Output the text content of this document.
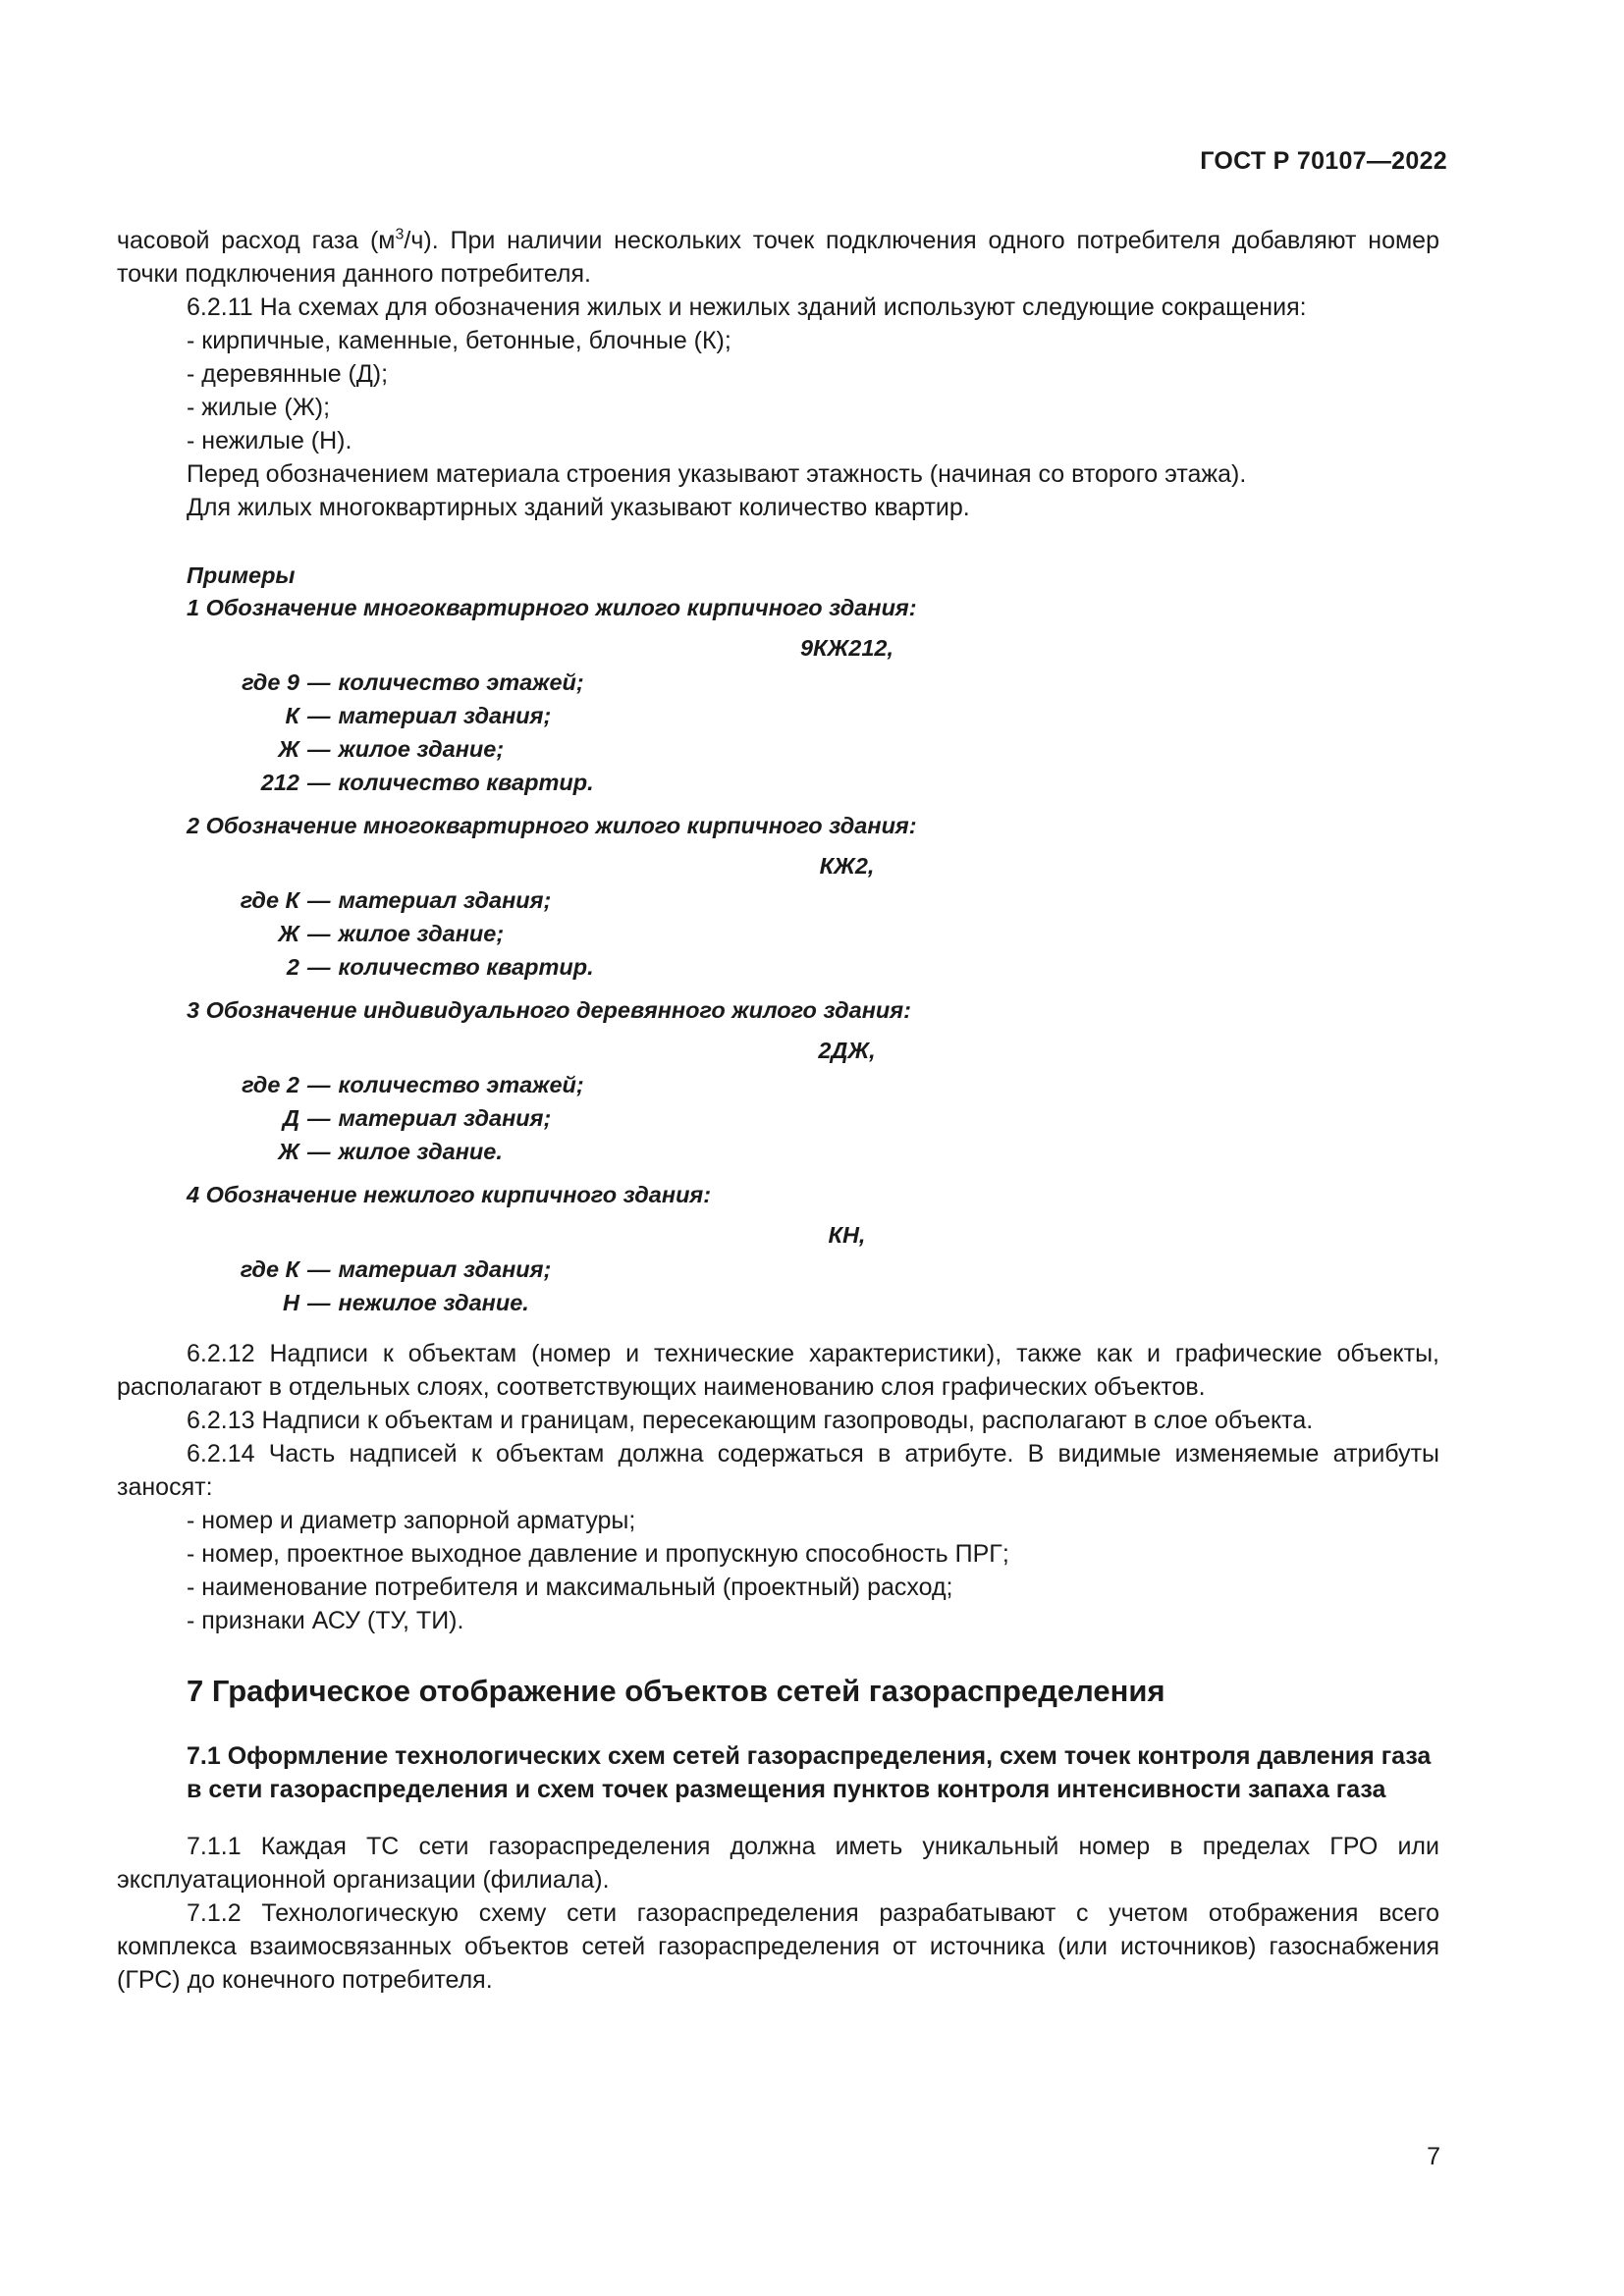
ГОСТ Р 70107—2022

часовой расход газа $(м^3/ч)$. При наличии нескольких точек подключения одного потребителя добавляют номер точки подключения данного потребителя.

6.2.11 На схемах для обозначения жилых и нежилых зданий используют следующие сокращения:

- кирпичные, каменные, бетонные, блочные (К);

- деревянные (Д);

- жилые (Ж);

- нежилые (Н).

Перед обозначением материала строения указывают этажность (начиная со второго этажа).

Для жилых многоквартирных зданий указывают количество квартир.

Примеры

1 Обозначение многоквартирного жилого кирпичного здания:

9КЖ212,

где 9 — количество этажей;
К — материал здания;
Ж — жилое здание;
212 — количество квартир.

2 Обозначение многоквартирного жилого кирпичного здания:

КЖ2,

где К — материал здания;
Ж — жилое здание;
2 — количество квартир.

3 Обозначение индивидуального деревянного жилого здания:

2ДЖ,

где 2 — количество этажей;
Д — материал здания;
Ж — жилое здание.

4 Обозначение нежилого кирпичного здания:

КН,

где К — материал здания;
Н — нежилое здание.

6.2.12 Надписи к объектам (номер и технические характеристики), также как и графические объекты, располагают в отдельных слоях, соответствующих наименованию слоя графических объектов.

6.2.13 Надписи к объектам и границам, пересекающим газопроводы, располагают в слое объекта.

6.2.14 Часть надписей к объектам должна содержаться в атрибуте. В видимые изменяемые атрибуты заносят:

- номер и диаметр запорной арматуры;

- номер, проектное выходное давление и пропускную способность ПРГ;

- наименование потребителя и максимальный (проектный) расход;

- признаки АСУ (ТУ, ТИ).

7 Графическое отображение объектов сетей газораспределения

7.1 Оформление технологических схем сетей газораспределения, схем точек контроля давления газа в сети газораспределения и схем точек размещения пунктов контроля интенсивности запаха газа

7.1.1 Каждая ТС сети газораспределения должна иметь уникальный номер в пределах ГРО или эксплуатационной организации (филиала).

7.1.2 Технологическую схему сети газораспределения разрабатывают с учетом отображения всего комплекса взаимосвязанных объектов сетей газораспределения от источника (или источников) газоснабжения (ГРС) до конечного потребителя.

7
